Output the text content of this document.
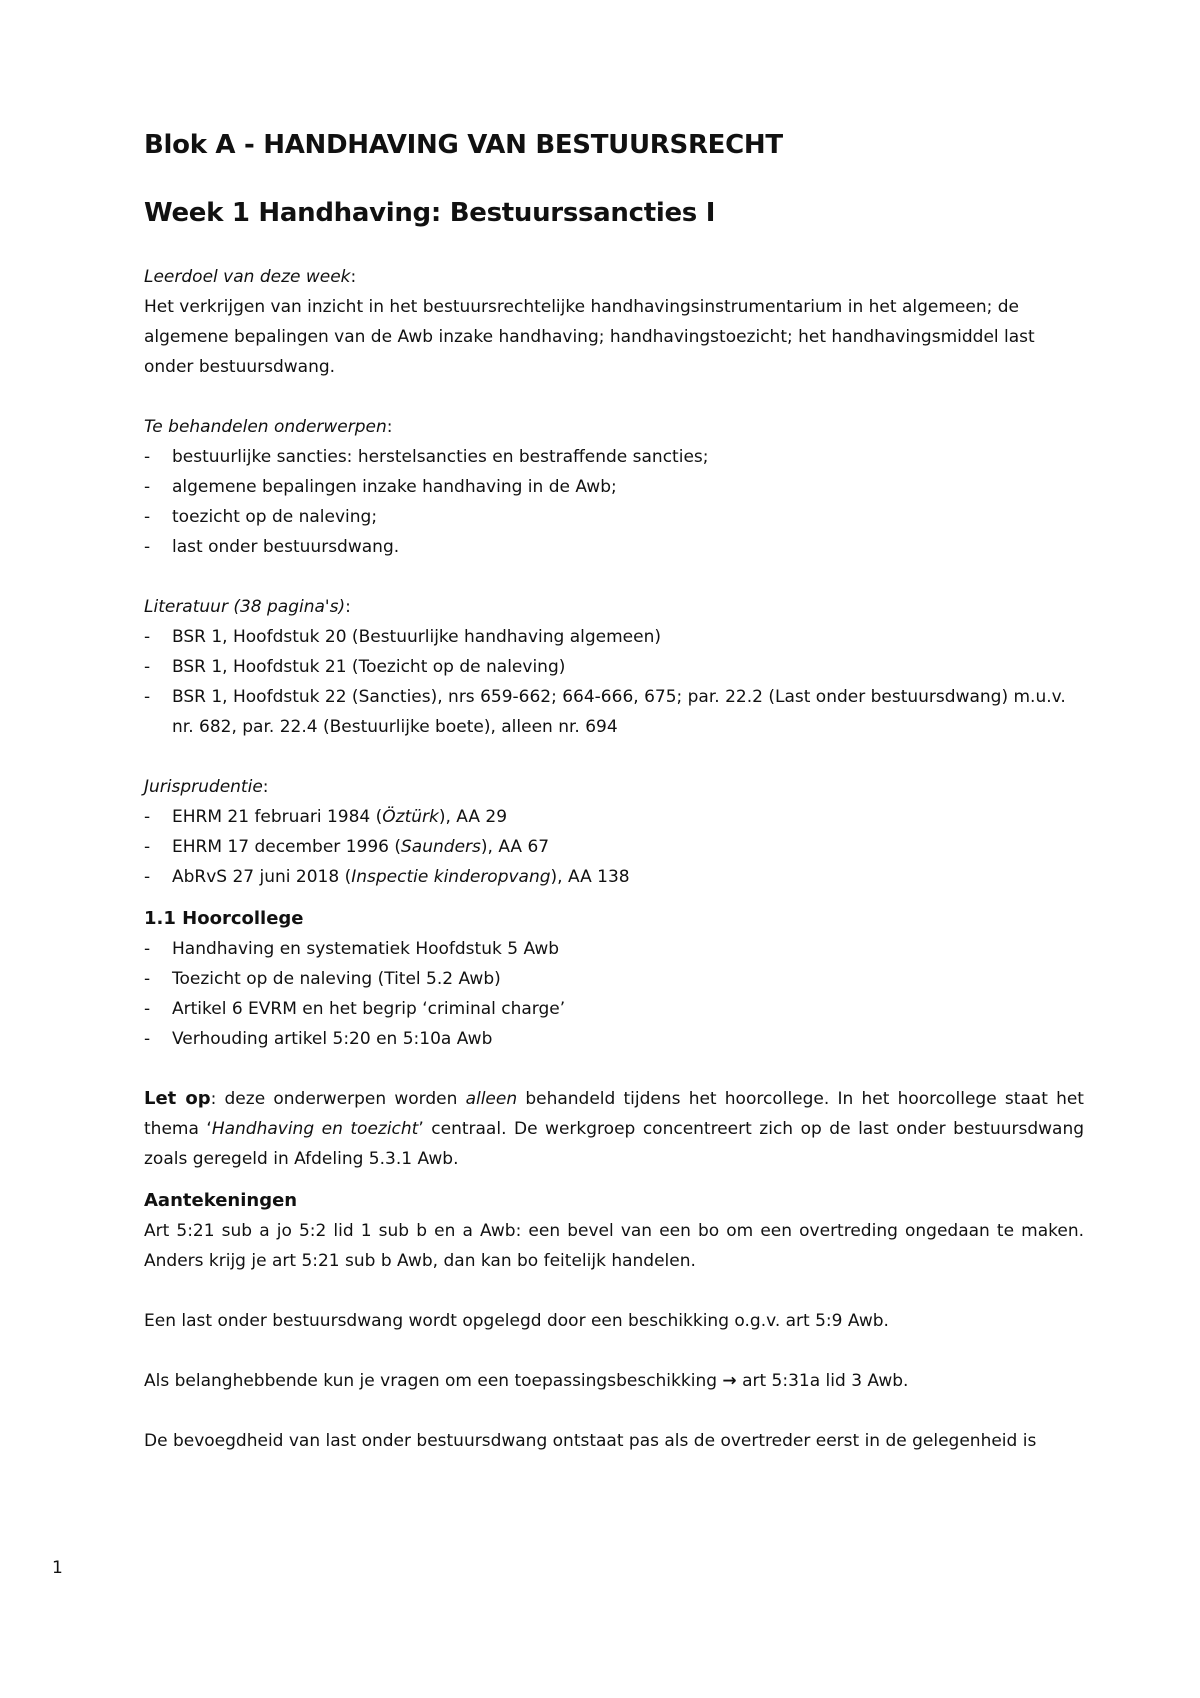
Blok A - HANDHAVING VAN BESTUURSRECHT
Week 1 Handhaving: Bestuurssancties I

Leerdoel van deze week:

Het verkrijgen van inzicht in het bestuursrechtelijke handhavingsinstrumentarium in het algemeen; de algemene bepalingen van de Awb inzake handhaving; handhavingstoezicht; het handhavingsmiddel last onder bestuursdwang.

Te behandelen onderwerpen:

- bestuurlijke sancties: herstelsancties en bestraffende sancties;
- algemene bepalingen inzake handhaving in de Awb;
- toezicht op de naleving;
- last onder bestuursdwang.

Literatuur (38 pagina's):

- BSR 1, Hoofdstuk 20 (Bestuurlijke handhaving algemeen)
- BSR 1, Hoofdstuk 21 (Toezicht op de naleving)
- BSR 1, Hoofdstuk 22 (Sancties), nrs 659-662; 664-666, 675; par. 22.2 (Last onder bestuursdwang) m.u.v. nr. 682, par. 22.4 (Bestuurlijke boete), alleen nr. 694

Jurisprudentie:

- EHRM 21 februari 1984 (Öztürk), AA 29
- EHRM 17 december 1996 (Saunders), AA 67
- AbRvS 27 juni 2018 (Inspectie kinderopvang), AA 138
1.1 Hoorcollege
- Handhaving en systematiek Hoofdstuk 5 Awb
- Toezicht op de naleving (Titel 5.2 Awb)
- Artikel 6 EVRM en het begrip ‘criminal charge’
- Verhouding artikel 5:20 en 5:10a Awb

Let op: deze onderwerpen worden alleen behandeld tijdens het hoorcollege. In het hoorcollege staat het thema ‘Handhaving en toezicht’ centraal. De werkgroep concentreert zich op de last onder bestuursdwang zoals geregeld in Afdeling 5.3.1 Awb.

Aantekeningen

Art 5:21 sub a jo 5:2 lid 1 sub b en a Awb: een bevel van een bo om een overtreding ongedaan te maken. Anders krijg je art 5:21 sub b Awb, dan kan bo feitelijk handelen.

Een last onder bestuursdwang wordt opgelegd door een beschikking o.g.v. art 5:9 Awb.

Als belanghebbende kun je vragen om een toepassingsbeschikking → art 5:31a lid 3 Awb.

De bevoegdheid van last onder bestuursdwang ontstaat pas als de overtreder eerst in de gelegenheid is

1
